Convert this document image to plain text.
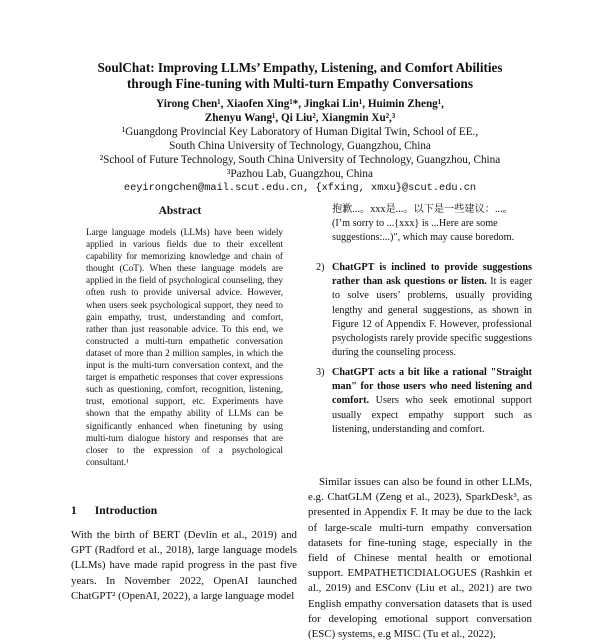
SoulChat: Improving LLMs’ Empathy, Listening, and Comfort Abilities
through Fine-tuning with Multi-turn Empathy Conversations
Yirong Chen¹, Xiaofen Xing¹*, Jingkai Lin¹, Huimin Zheng¹,
Zhenyu Wang¹, Qi Liu², Xiangmin Xu²,³
¹Guangdong Provincial Key Laboratory of Human Digital Twin, School of EE.,
South China University of Technology, Guangzhou, China
²School of Future Technology, South China University of Technology, Guangzhou, China
³Pazhou Lab, Guangzhou, China
eeyirongchen@mail.scut.edu.cn, {xfxing, xmxu}@scut.edu.cn
Abstract
Large language models (LLMs) have been widely applied in various fields due to their excellent capability for memorizing knowledge and chain of thought (CoT). When these language models are applied in the field of psychological counseling, they often rush to provide universal advice. However, when users seek psychological support, they need to gain empathy, trust, understanding and comfort, rather than just reasonable advice. To this end, we constructed a multi-turn empathetic conversation dataset of more than 2 million samples, in which the input is the multi-turn conversation context, and the target is empathetic responses that cover expressions such as questioning, comfort, recognition, listening, trust, emotional support, etc. Experiments have shown that the empathy ability of LLMs can be significantly enhanced when finetuning by using multi-turn dialogue history and responses that are closer to the expression of a psychological consultant.¹
1 Introduction
With the birth of BERT (Devlin et al., 2019) and GPT (Radford et al., 2018), large language models (LLMs) have made rapid progress in the past five years. In November 2022, OpenAI launched ChatGPT² (OpenAI, 2022), a large language model
抱歉...。xxx是...。以下是一些建议：...。
(I’m sorry to ...{xxx} is ...Here are some suggestions:...)", which may cause boredom.
2) ChatGPT is inclined to provide suggestions rather than ask questions or listen. It is eager to solve users’ problems, usually providing lengthy and general suggestions, as shown in Figure 12 of Appendix F. However, professional psychologists rarely provide specific suggestions during the counseling process.
3) ChatGPT acts a bit like a rational "Straight man" for those users who need listening and comfort. Users who seek emotional support usually expect empathy support such as listening, understanding and comfort.
Similar issues can also be found in other LLMs, e.g. ChatGLM (Zeng et al., 2023), SparkDesk³, as presented in Appendix F. It may be due to the lack of large-scale multi-turn empathy conversation datasets for fine-tuning stage, especially in the field of Chinese mental health or emotional support. EMPATHETICDIALOGUES (Rashkin et al., 2019) and ESConv (Liu et al., 2021) are two English empathy conversation datasets that is used for developing emotional support conversation (ESC) systems, e.g MISC (Tu et al., 2022),
